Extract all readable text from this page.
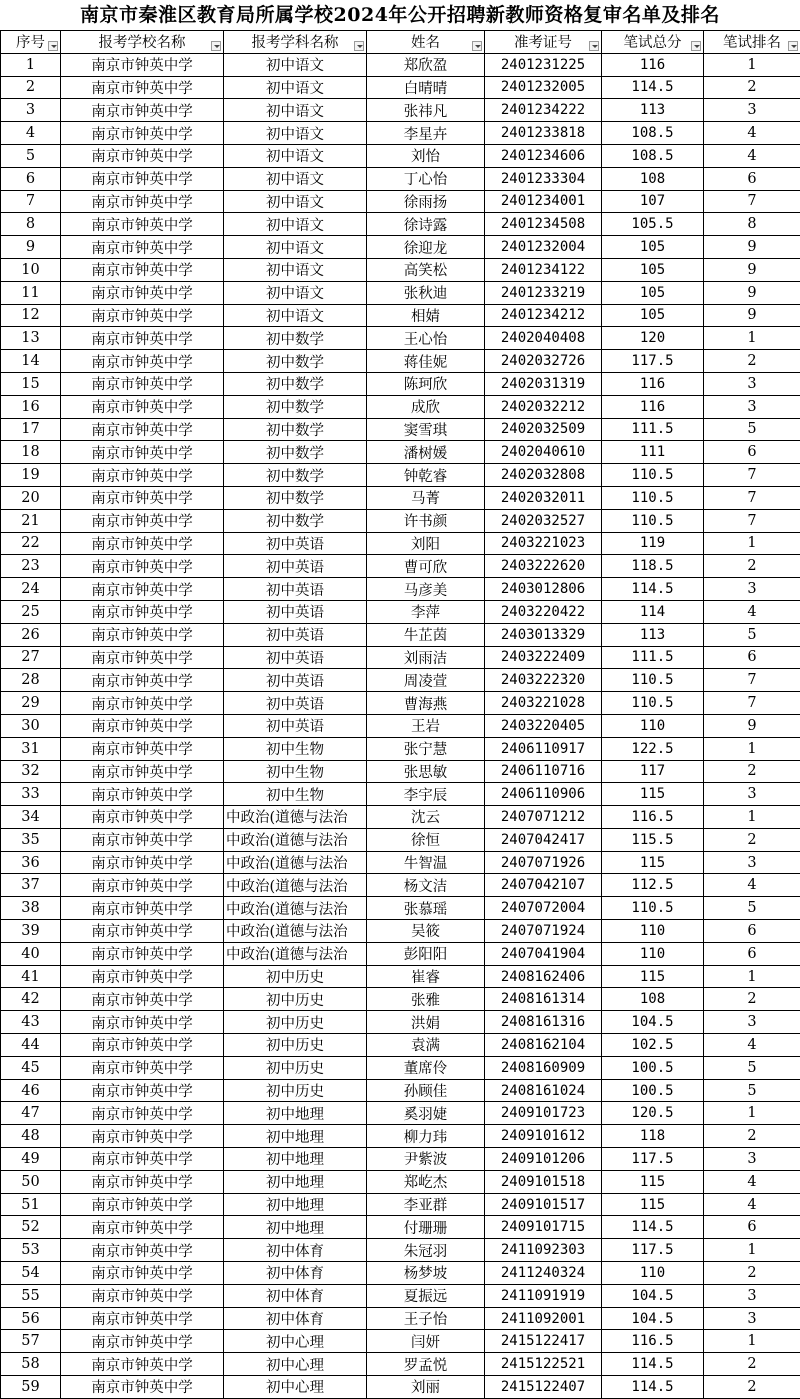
南京市秦淮区教育局所属学校2024年公开招聘新教师资格复审名单及排名
序号	报考学校名称	报考学科名称	姓名	准考证号	笔试总分	笔试排名

1	南京市钟英中学	初中语文	郑欣盈	2401231225	116	1
2	南京市钟英中学	初中语文	白晴晴	2401232005	114.5	2
3	南京市钟英中学	初中语文	张祎凡	2401234222	113	3
4	南京市钟英中学	初中语文	李星卉	2401233818	108.5	4
5	南京市钟英中学	初中语文	刘怡	2401234606	108.5	4
6	南京市钟英中学	初中语文	丁心怡	2401233304	108	6
7	南京市钟英中学	初中语文	徐雨扬	2401234001	107	7
8	南京市钟英中学	初中语文	徐诗露	2401234508	105.5	8
9	南京市钟英中学	初中语文	徐迎龙	2401232004	105	9
10	南京市钟英中学	初中语文	高笑松	2401234122	105	9
11	南京市钟英中学	初中语文	张秋迪	2401233219	105	9
12	南京市钟英中学	初中语文	相婧	2401234212	105	9
13	南京市钟英中学	初中数学	王心怡	2402040408	120	1
14	南京市钟英中学	初中数学	蒋佳妮	2402032726	117.5	2
15	南京市钟英中学	初中数学	陈珂欣	2402031319	116	3
16	南京市钟英中学	初中数学	成欣	2402032212	116	3
17	南京市钟英中学	初中数学	窦雪琪	2402032509	111.5	5
18	南京市钟英中学	初中数学	潘树媛	2402040610	111	6
19	南京市钟英中学	初中数学	钟乾睿	2402032808	110.5	7
20	南京市钟英中学	初中数学	马菁	2402032011	110.5	7
21	南京市钟英中学	初中数学	许书颜	2402032527	110.5	7
22	南京市钟英中学	初中英语	刘阳	2403221023	119	1
23	南京市钟英中学	初中英语	曹可欣	2403222620	118.5	2
24	南京市钟英中学	初中英语	马彦美	2403012806	114.5	3
25	南京市钟英中学	初中英语	李萍	2403220422	114	4
26	南京市钟英中学	初中英语	牛芷茵	2403013329	113	5
27	南京市钟英中学	初中英语	刘雨洁	2403222409	111.5	6
28	南京市钟英中学	初中英语	周凌萱	2403222320	110.5	7
29	南京市钟英中学	初中英语	曹海燕	2403221028	110.5	7
30	南京市钟英中学	初中英语	王岩	2403220405	110	9
31	南京市钟英中学	初中生物	张宁慧	2406110917	122.5	1
32	南京市钟英中学	初中生物	张思敏	2406110716	117	2
33	南京市钟英中学	初中生物	李宇辰	2406110906	115	3
34	南京市钟英中学	中政治(道德与法治	沈云	2407071212	116.5	1
35	南京市钟英中学	中政治(道德与法治	徐恒	2407042417	115.5	2
36	南京市钟英中学	中政治(道德与法治	牛智温	2407071926	115	3
37	南京市钟英中学	中政治(道德与法治	杨文洁	2407042107	112.5	4
38	南京市钟英中学	中政治(道德与法治	张慕瑶	2407072004	110.5	5
39	南京市钟英中学	中政治(道德与法治	吴筱	2407071924	110	6
40	南京市钟英中学	中政治(道德与法治	彭阳阳	2407041904	110	6
41	南京市钟英中学	初中历史	崔睿	2408162406	115	1
42	南京市钟英中学	初中历史	张雅	2408161314	108	2
43	南京市钟英中学	初中历史	洪娟	2408161316	104.5	3
44	南京市钟英中学	初中历史	袁满	2408162104	102.5	4
45	南京市钟英中学	初中历史	董席伶	2408160909	100.5	5
46	南京市钟英中学	初中历史	孙顾佳	2408161024	100.5	5
47	南京市钟英中学	初中地理	奚羽婕	2409101723	120.5	1
48	南京市钟英中学	初中地理	柳力玮	2409101612	118	2
49	南京市钟英中学	初中地理	尹紫波	2409101206	117.5	3
50	南京市钟英中学	初中地理	郑屹杰	2409101518	115	4
51	南京市钟英中学	初中地理	李亚群	2409101517	115	4
52	南京市钟英中学	初中地理	付珊珊	2409101715	114.5	6
53	南京市钟英中学	初中体育	朱冠羽	2411092303	117.5	1
54	南京市钟英中学	初中体育	杨梦坡	2411240324	110	2
55	南京市钟英中学	初中体育	夏振远	2411091919	104.5	3
56	南京市钟英中学	初中体育	王子怡	2411092001	104.5	3
57	南京市钟英中学	初中心理	闫妍	2415122417	116.5	1
58	南京市钟英中学	初中心理	罗孟悦	2415122521	114.5	2
59	南京市钟英中学	初中心理	刘丽	2415122407	114.5	2
